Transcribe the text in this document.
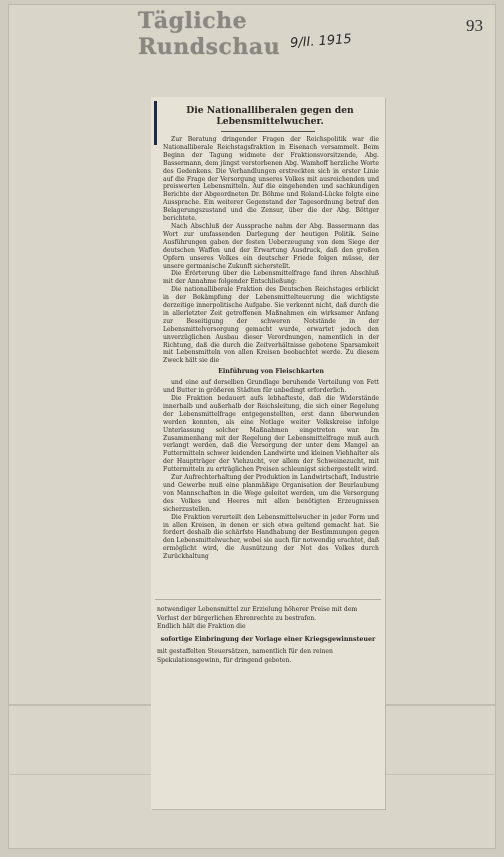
Tägliche Rundschau
93
9/II. 1915
Die Nationalliberalen gegen den
Lebensmittelwucher.

Zur Beratung dringender Fragen der Reichspolitik war die Nationalliberale Reichstagsfraktion in Eisenach versammelt. Beim Beginn der Tagung widmete der Fraktionsvorsitzende, Abg. Bassermann, dem jüngst verstorbenen Abg. Wamhoff herzliche Worte des Gedenkens. Die Verhandlungen erstreckten sich in erster Linie auf die Frage der Versorgung unseres Volkes mit ausreichenden und preiswerten Lebensmitteln. Auf die eingehenden und sachkundigen Berichte der Abgeordneten Dr. Böhme und Roland-Lücke folgte eine Aussprache. Ein weiterer Gegenstand der Tagesordnung betraf den Belagerungszustand und die Zensur, über die der Abg. Böttger berichtete.

Nach Abschluß der Aussprache nahm der Abg. Bassermann das Wort zur umfassenden Darlegung der heutigen Politik. Seine Ausführungen gaben der festen Ueberzeugung von dem Siege der deutschen Waffen und der Erwartung Ausdruck, daß den großen Opfern unseres Volkes ein deutscher Friede folgen müsse, der unsere germanische Zukunft sicherstellt.

Die Erörterung über die Lebensmittelfrage fand ihren Abschluß mit der Annahme folgender Entschließung:

Die nationalliberale Fraktion des Deutschen Reichstages erblickt in der Bekämpfung der Lebensmittelteuerung die wichtigste derzeitige innerpolitische Aufgabe. Sie verkennt nicht, daß durch die in allerletzter Zeit getroffenen Maßnahmen ein wirksamer Anfang zur Beseitigung der schweren Notstände in der Lebensmittelversorgung gemacht wurde, erwartet jedoch den unverzüglichen Ausbau dieser Verordnungen, namentlich in der Richtung, daß die durch die Zeitverhältnisse gebotene Sparsamkeit mit Lebensmitteln von allen Kreisen beobachtet werde. Zu diesem Zweck hält sie die

Einführung von Fleischkarten

und eine auf derselben Grundlage beruhende Verteilung von Fett und Butter in größeren Städten für unbedingt erforderlich.

Die Fraktion bedauert aufs lebhafteste, daß die Widerstände innerhalb und außerhalb der Reichsleitung, die sich einer Regelung der Lebensmittelfrage entgegenstellten, erst dann überwunden werden konnten, als eine Notlage weiter Volkskreise infolge Unterlassung solcher Maßnahmen eingetreten war. Im Zusammenhang mit der Regelung der Lebensmittelfrage muß auch verlangt werden, daß die Versorgung der unter dem Mangel an Futtermitteln schwer leidenden Landwirte und kleinen Viehhalter als der Hauptträger der Viehzucht, vor allem der Schweinezucht, mit Futtermitteln zu erträglichen Preisen schleunigst sichergestellt wird.

Zur Aufrechterhaltung der Produktion in Landwirtschaft, Industrie und Gewerbe muß eine planmäßige Organisation der Beurlaubung von Mannschaften in die Wege geleitet werden, um die Versorgung des Volkes und Heeres mit allen benötigten Erzeugnissen sicherzustellen.

Die Fraktion verurteilt den Lebensmittelwucher in jeder Form und in allen Kreisen, in denen er sich etwa geltend gemacht hat. Sie fordert deshalb die schärfste Handhabung der Bestimmungen gegen den Lebensmittelwucher, wobei sie auch für notwendig erachtet, daß ermöglicht wird, die Ausnützung der Not des Volkes durch Zurückhaltung

notwendiger Lebensmittel zur Erzielung höherer Preise mit dem Verlust der bürgerlichen Ehrenrechte zu bestrafen.

Endlich hält die Fraktion die

sofortige Einbringung der Vorlage einer Kriegsgewinnsteuer

mit gestaffelten Steuersätzen, namentlich für den reinen Spekulationsgewinn, für dringend geboten.
